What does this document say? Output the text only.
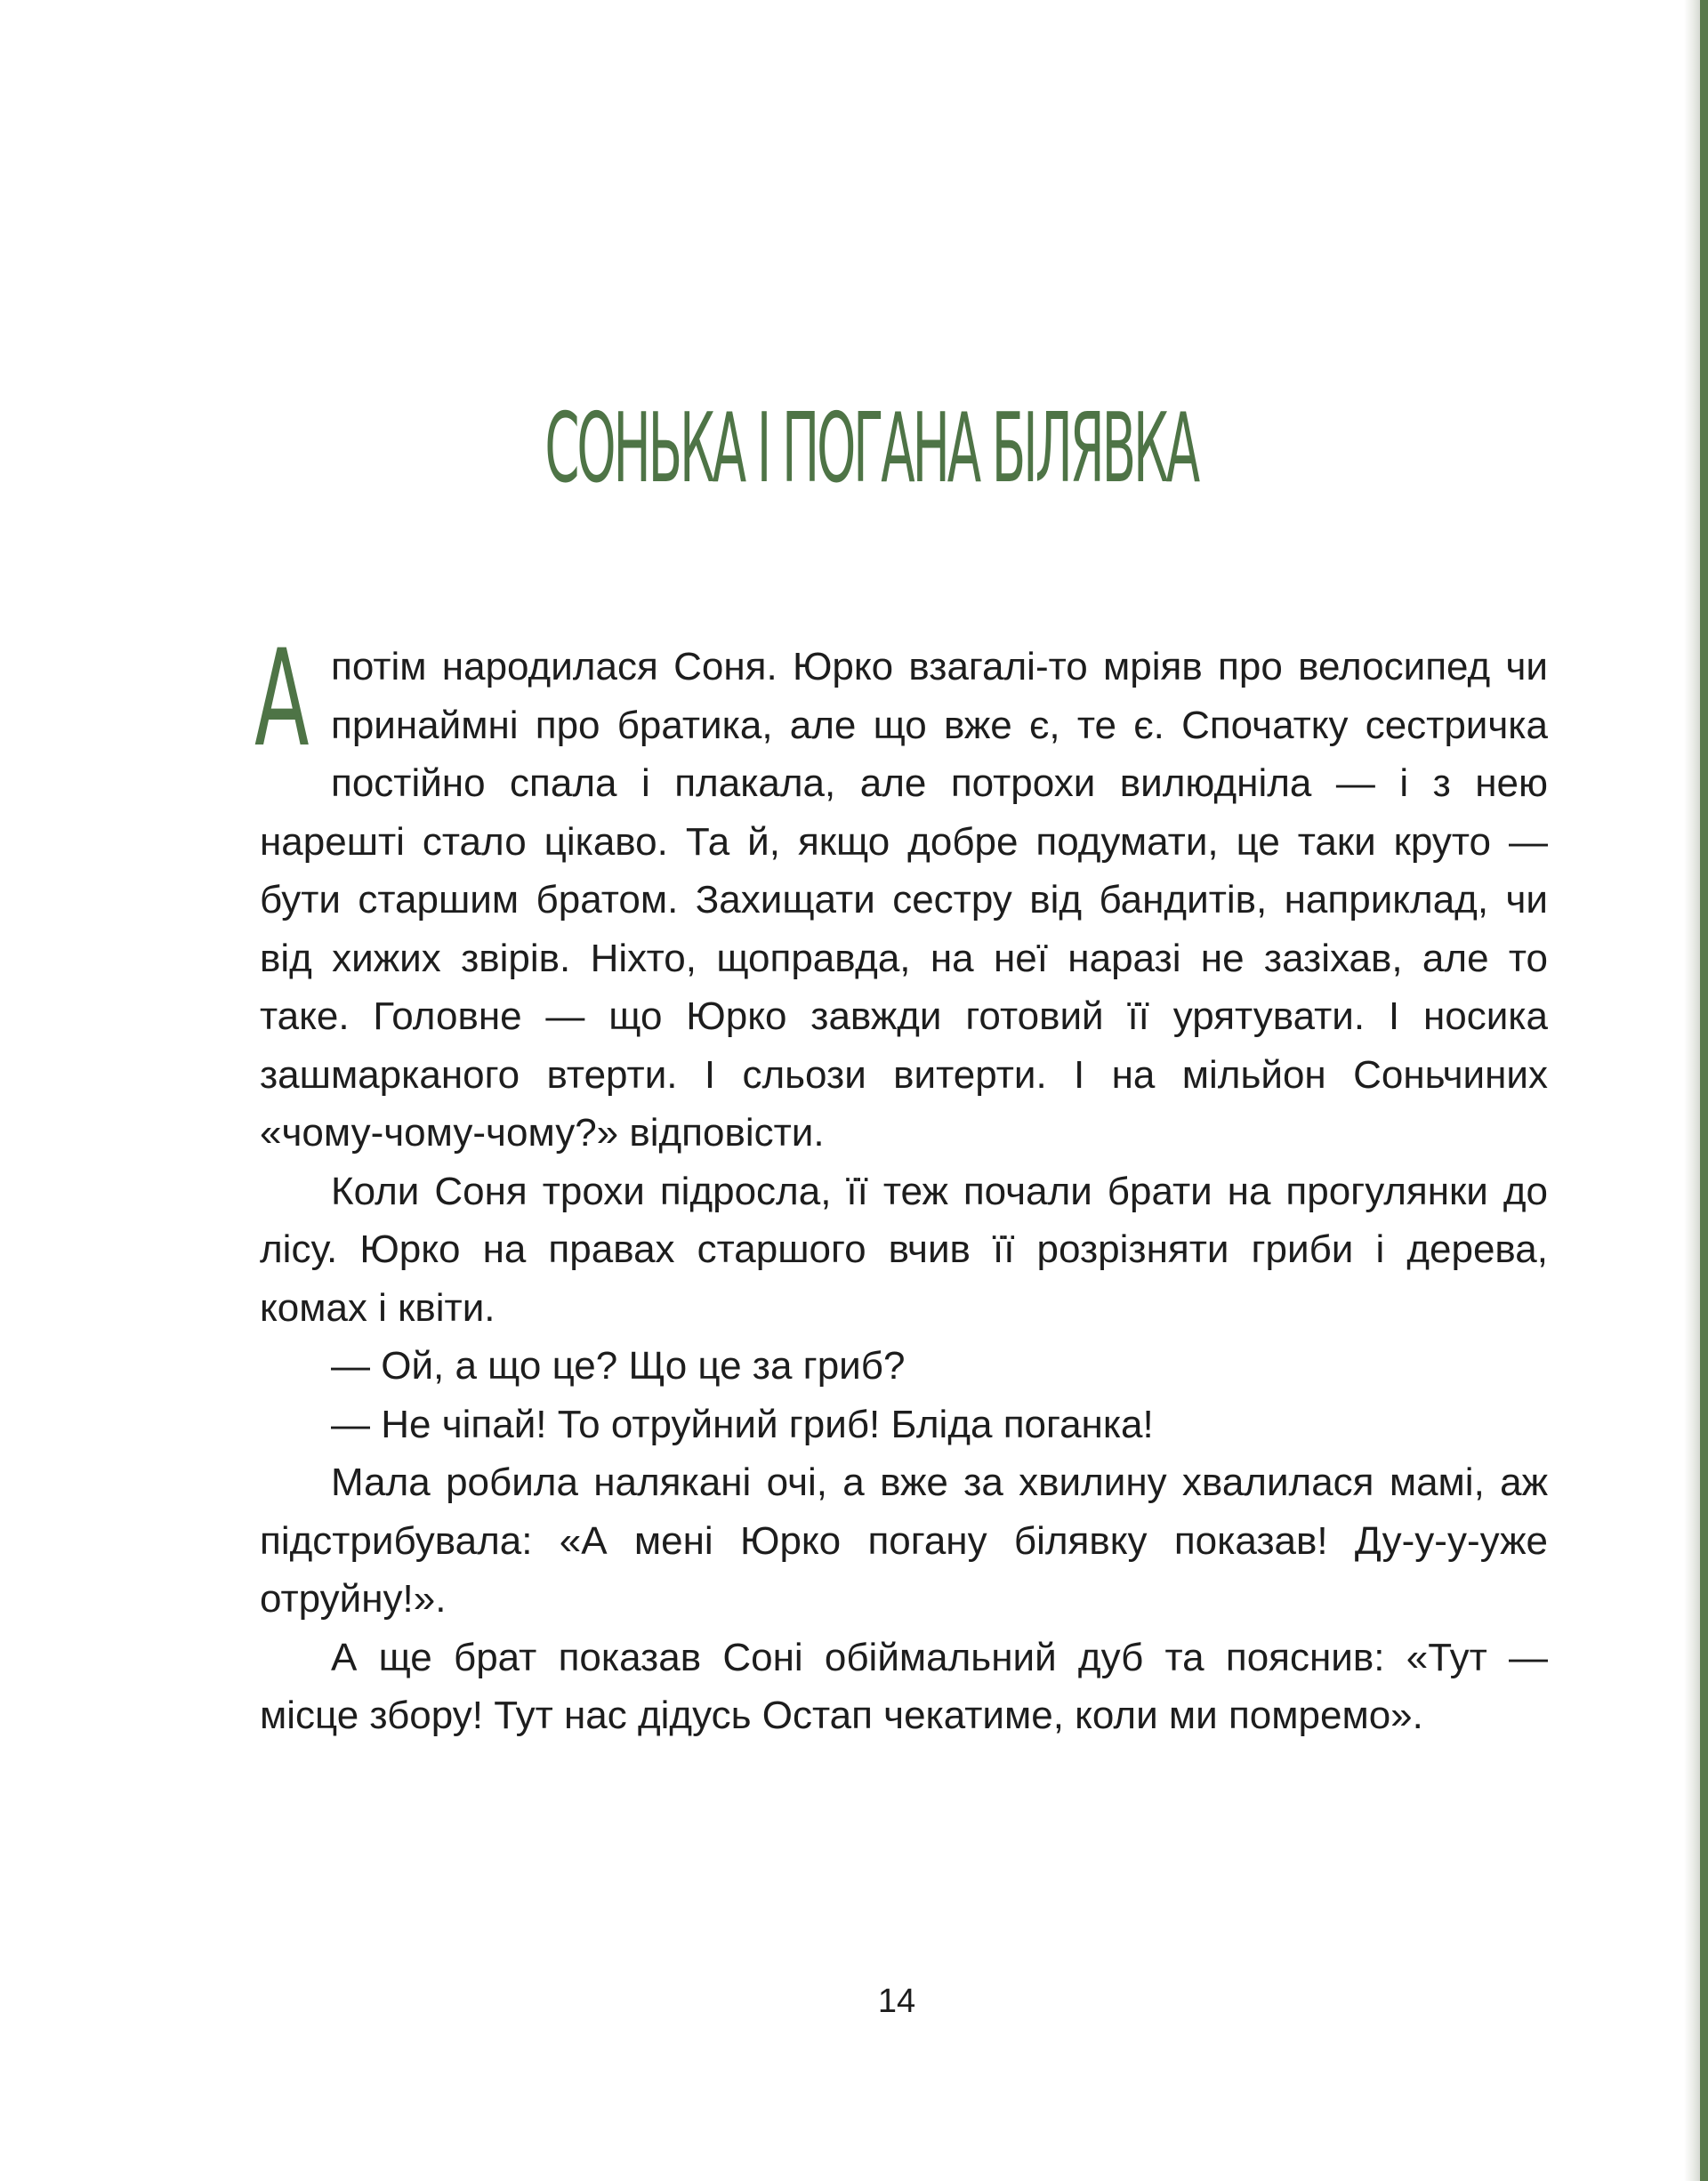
СОНЬКА І ПОГАНА БІЛЯВКА

А потім народилася Соня. Юрко взагалі-то мріяв про велосипед чи принаймні про братика, але що вже є, те є. Спочатку сестричка постійно спала і плакала, але потрохи вилюдніла — і з нею нарешті стало цікаво. Та й, якщо добре подумати, це таки круто — бути старшим братом. Захищати сестру від бандитів, наприклад, чи від хижих звірів. Ніхто, щоправда, на неї наразі не зазіхав, але то таке. Головне — що Юрко завжди готовий її урятувати. І носика зашмарканого втерти. І сльози витерти. І на мільйон Соньчиних «чому-чому-чому?» відповісти.

Коли Соня трохи підросла, її теж почали брати на прогулянки до лісу. Юрко на правах старшого вчив її розрізняти гриби і дерева, комах і квіти.

— Ой, а що це? Що це за гриб?

— Не чіпай! То отруйний гриб! Бліда поганка!

Мала робила налякані очі, а вже за хвилину хвалилася мамі, аж підстрибувала: «А мені Юрко погану білявку показав! Ду-у-у-уже отруйну!».

А ще брат показав Соні обіймальний дуб та пояснив: «Тут — місце збору! Тут нас дідусь Остап чекатиме, коли ми помремо».

14
